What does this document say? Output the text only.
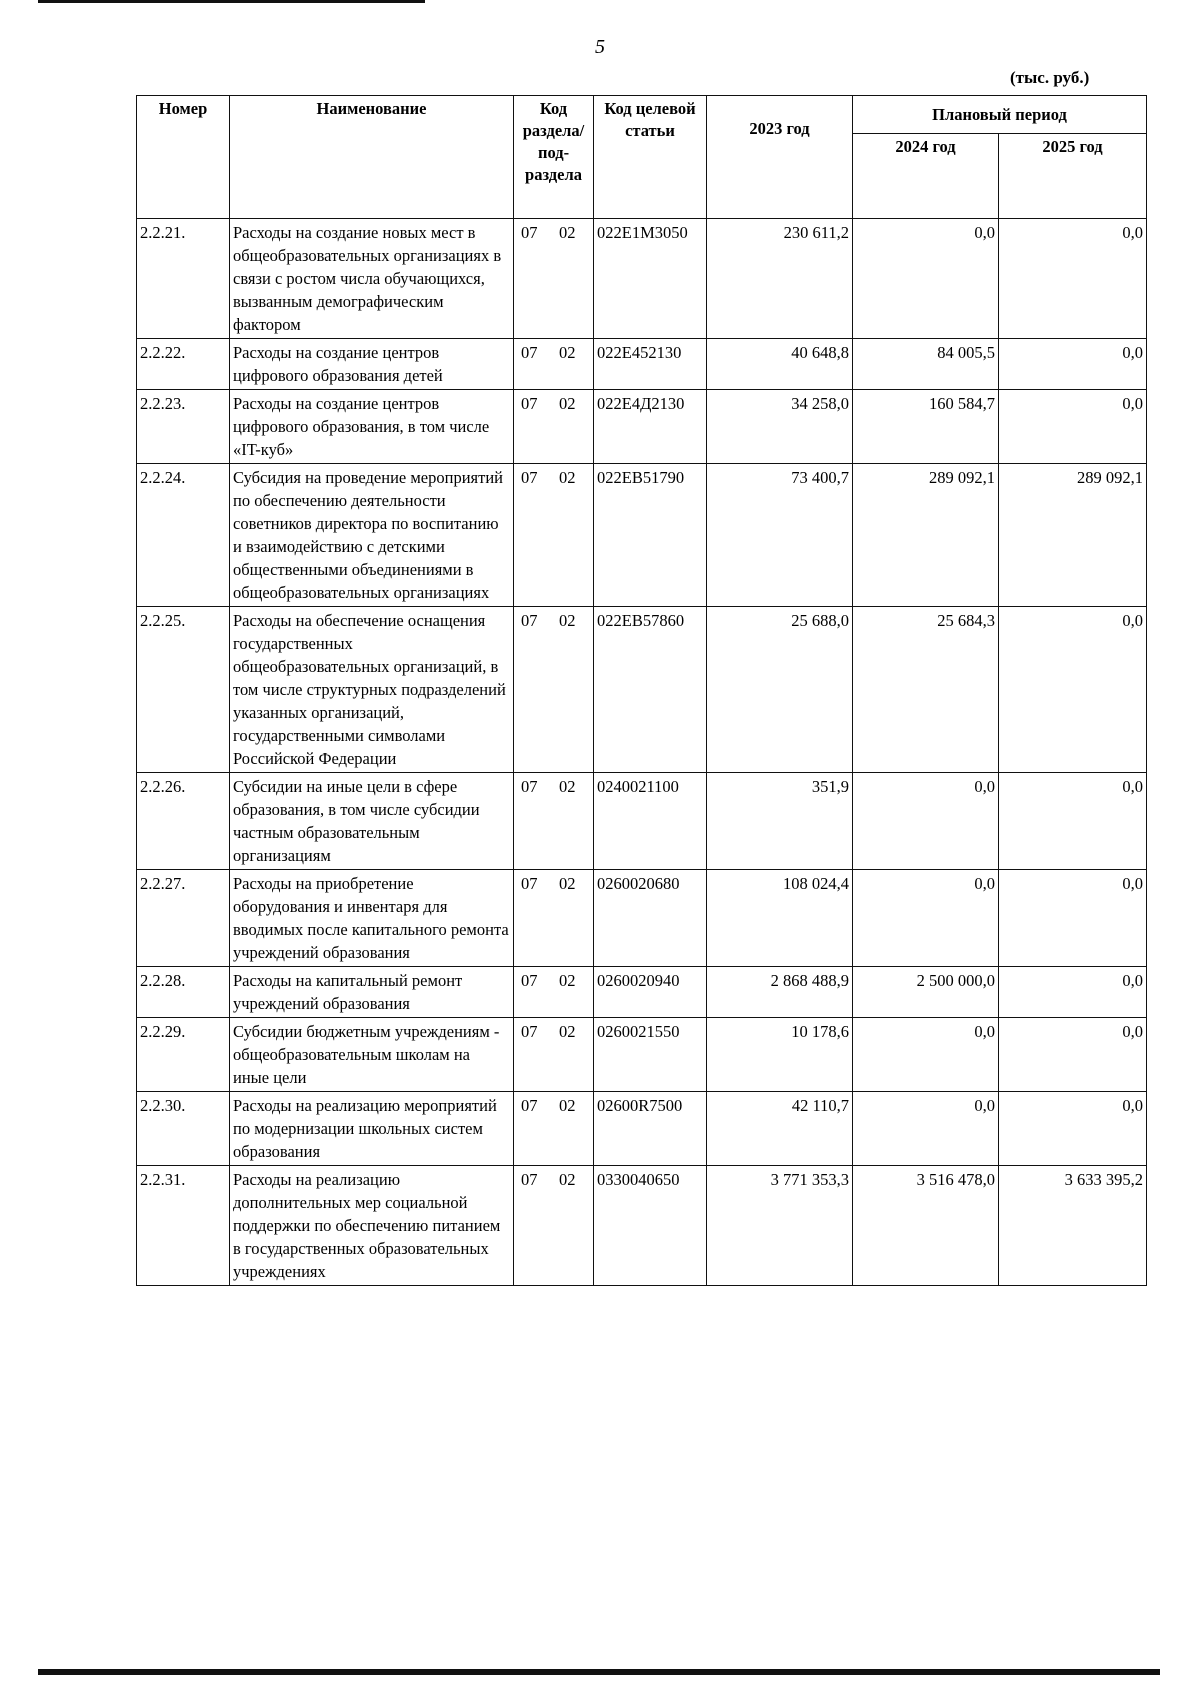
5
(тыс. руб.)
Номер	Наименование	Код раздела/ под- раздела	Код целевой статьи	2023 год	Плановый период	
					2024 год	2025 год
2.2.21.	Расходы на создание новых мест в общеобразовательных организациях в связи с ростом числа обучающихся, вызванным демографическим фактором	07 02	022E1M3050	230 611,2	0,0	0,0
2.2.22.	Расходы на создание центров цифрового образования детей	07 02	022E452130	40 648,8	84 005,5	0,0
2.2.23.	Расходы на создание центров цифрового образования, в том числе «IT-куб»	07 02	022E4Д2130	34 258,0	160 584,7	0,0
2.2.24.	Субсидия на проведение мероприятий по обеспечению деятельности советников директора по воспитанию и взаимодействию с детскими общественными объединениями в общеобразовательных организациях	07 02	022EB51790	73 400,7	289 092,1	289 092,1
2.2.25.	Расходы на обеспечение оснащения государственных общеобразовательных организаций, в том числе структурных подразделений указанных организаций, государственными символами Российской Федерации	07 02	022EB57860	25 688,0	25 684,3	0,0
2.2.26.	Субсидии на иные цели в сфере образования, в том числе субсидии частным образовательным организациям	07 02	0240021100	351,9	0,0	0,0
2.2.27.	Расходы на приобретение оборудования и инвентаря для вводимых после капитального ремонта учреждений образования	07 02	0260020680	108 024,4	0,0	0,0
2.2.28.	Расходы на капитальный ремонт учреждений образования	07 02	0260020940	2 868 488,9	2 500 000,0	0,0
2.2.29.	Субсидии бюджетным учреждениям - общеобразовательным школам на иные цели	07 02	0260021550	10 178,6	0,0	0,0
2.2.30.	Расходы на реализацию мероприятий по модернизации школьных систем образования	07 02	02600R7500	42 110,7	0,0	0,0
2.2.31.	Расходы на реализацию дополнительных мер социальной поддержки по обеспечению питанием в государственных образовательных учреждениях	07 02	0330040650	3 771 353,3	3 516 478,0	3 633 395,2
